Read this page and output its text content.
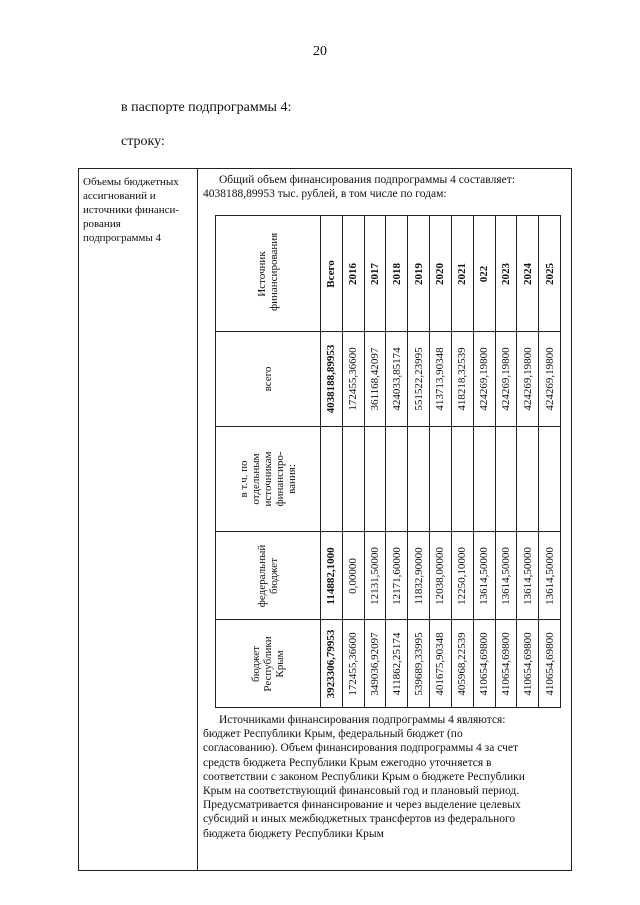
20
в паспорте подпрограммы 4:
строку:
Объемы бюджетных
ассигнований и
источники финанси-
рования
подпрограммы 4
Общий объем финансирования подпрограммы 4 составляет:
4038188,89953 тыс. рублей, в том числе по годам:
Источник финансирования	Всего	2016	2017	2018	2019	2020	2021	022	2023	2024	2025

всего	4038188,89953	172455,36600	361168,42097	424033,85174	551522,23995	413713,90348	418218,32539	424269,19800	424269,19800	424269,19800	424269,19800

в т.ч. по отдельным источникам финансиро- вания:											

федеральный бюджет	114882,1000	0,00000	12131,50000	12171,60000	11832,90000	12038,00000	12250,10000	13614,50000	13614,50000	13614,50000	13614,50000

бюджет Республики Крым	3923306,79953	172455,36600	349036,92097	411862,25174	539689,33995	401675,90348	405968,22539	410654,69800	410654,69800	410654,69800	410654,69800
Источниками финансирования подпрограммы 4 являются:
бюджет Республики Крым, федеральный бюджет (по
согласованию). Объем финансирования подпрограммы 4 за счет
средств бюджета Республики Крым ежегодно уточняется в
соответствии с законом Республики Крым о бюджете Республики
Крым на соответствующий финансовый год и плановый период.
Предусматривается финансирование и через выделение целевых
субсидий и иных межбюджетных трансфертов из федерального
бюджета бюджету Республики Крым
